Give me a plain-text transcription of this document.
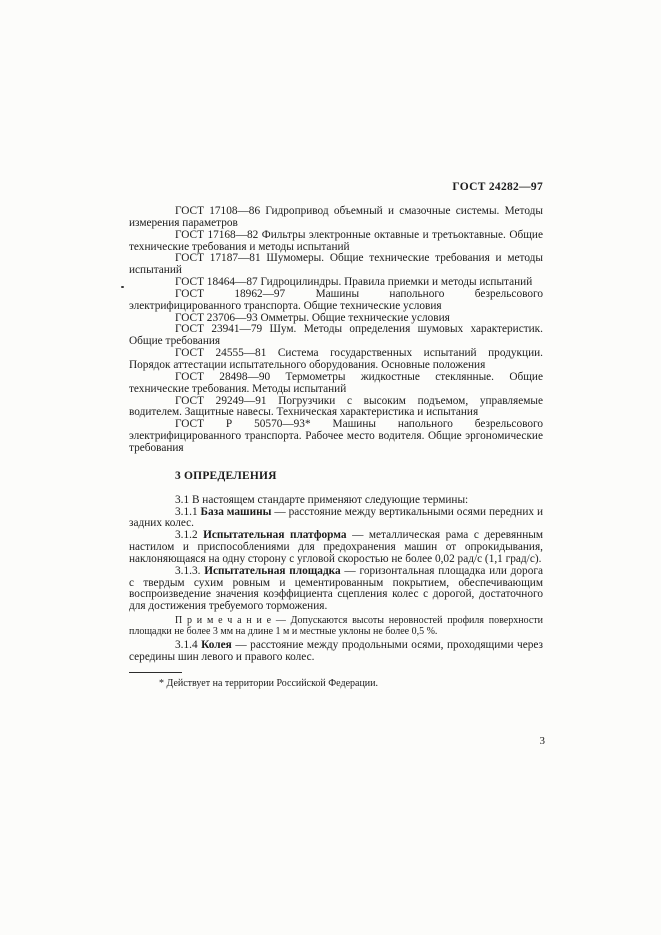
ГОСТ 24282—97

ГОСТ 17108—86 Гидропривод объемный и смазочные системы. Методы измерения параметров

ГОСТ 17168—82 Фильтры электронные октавные и третьоктавные. Общие технические требования и методы испытаний

ГОСТ 17187—81 Шумомеры. Общие технические требования и методы испытаний

ГОСТ 18464—87 Гидроцилиндры. Правила приемки и методы испытаний

ГОСТ 18962—97 Машины напольного безрельсового электрифицированного транспорта. Общие технические условия

ГОСТ 23706—93 Омметры. Общие технические условия

ГОСТ 23941—79 Шум. Методы определения шумовых характеристик. Общие требования

ГОСТ 24555—81 Система государственных испытаний продукции. Порядок аттестации испытательного оборудования. Основные положения

ГОСТ 28498—90 Термометры жидкостные стеклянные. Общие технические требования. Методы испытаний

ГОСТ 29249—91 Погрузчики с высоким подъемом, управляемые водителем. Защитные навесы. Техническая характеристика и испытания

ГОСТ Р 50570—93* Машины напольного безрельсового электрифицированного транспорта. Рабочее место водителя. Общие эргономические требования

3 ОПРЕДЕЛЕНИЯ

3.1 В настоящем стандарте применяют следующие термины:

3.1.1 База машины — расстояние между вертикальными осями передних и задних колес.

3.1.2 Испытательная платформа — металлическая рама с деревянным настилом и приспособлениями для предохранения машин от опрокидывания, наклоняющаяся на одну сторону с угловой скоростью не более 0,02 рад/с (1,1 град/с).

3.1.3. Испытательная площадка — горизонтальная площадка или дорога с твердым сухим ровным и цементированным покрытием, обеспечивающим воспроизведение значения коэффициента сцепления колес с дорогой, достаточного для достижения требуемого торможения.

П р и м е ч а н и е — Допускаются высоты неровностей профиля поверхности площадки не более 3 мм на длине 1 м и местные уклоны не более 0,5 %.

3.1.4 Колея — расстояние между продольными осями, проходящими через середины шин левого и правого колес.

* Действует на территории Российской Федерации.

3
